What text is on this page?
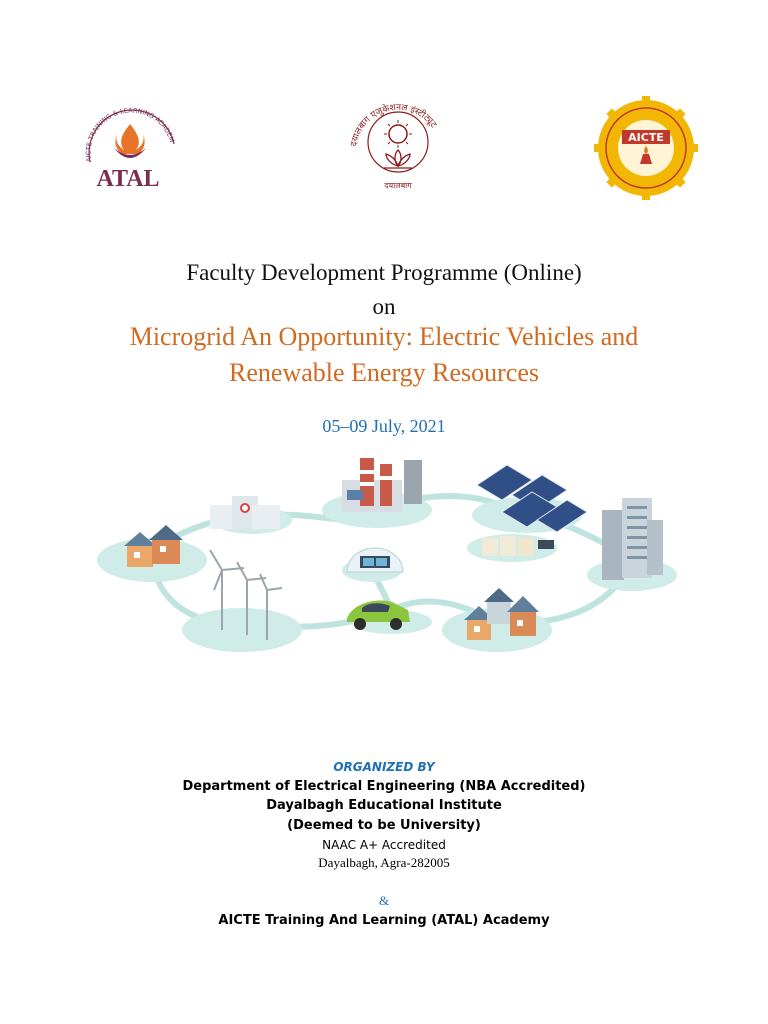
AICTE TRAINING & LEARNING ACADEM
ATAL
दयालबाग एजुकेशनल इंस्टीट्यूट
दयालबाग
AICTE
Faculty Development Programme (Online)
on
Microgrid An Opportunity: Electric Vehicles and
Renewable Energy Resources
05–09 July, 2021
ORGANIZED BY
Department of Electrical Engineering (NBA Accredited)
Dayalbagh Educational Institute
(Deemed to be University)
NAAC A+ Accredited
Dayalbagh, Agra-282005
&
AICTE Training And Learning (ATAL) Academy
